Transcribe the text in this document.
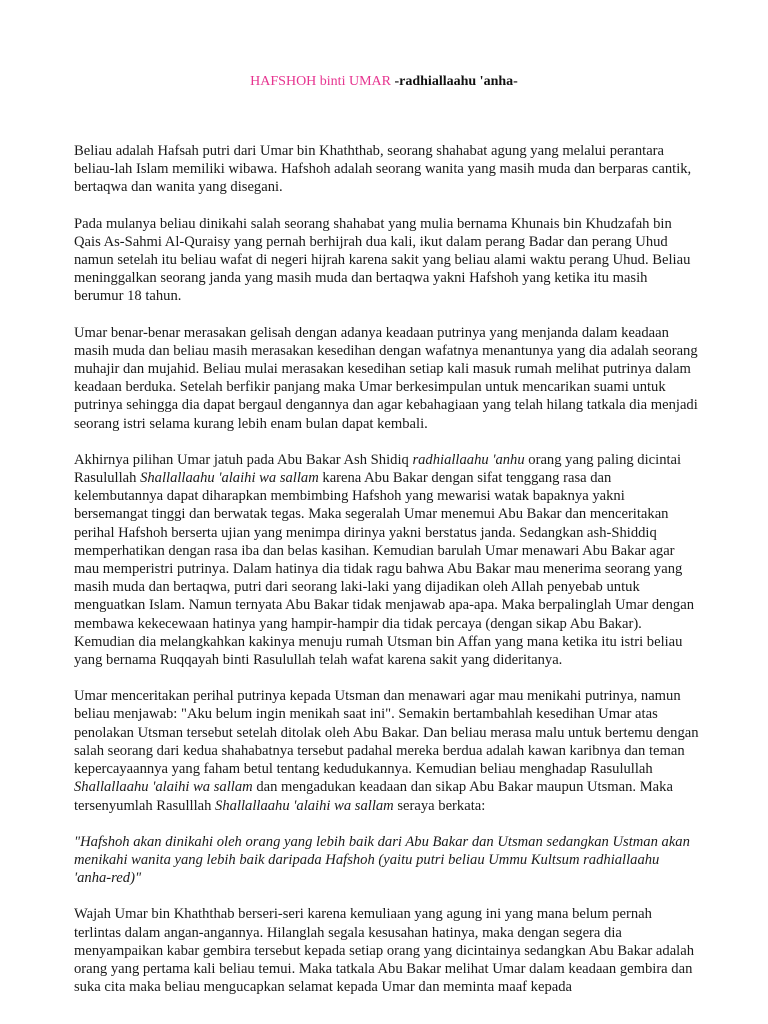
HAFSHOH binti UMAR -radhiallaahu 'anha-

Beliau adalah Hafsah putri dari Umar bin Khaththab, seorang shahabat agung yang melalui perantara beliau-lah Islam memiliki wibawa. Hafshoh adalah seorang wanita yang masih muda dan berparas cantik, bertaqwa dan wanita yang disegani.

Pada mulanya beliau dinikahi salah seorang shahabat yang mulia bernama Khunais bin Khudzafah bin Qais As-Sahmi Al-Quraisy yang pernah berhijrah dua kali, ikut dalam perang Badar dan perang Uhud namun setelah itu beliau wafat di negeri hijrah karena sakit yang beliau alami waktu perang Uhud. Beliau meninggalkan seorang janda yang masih muda dan bertaqwa yakni Hafshoh yang ketika itu masih berumur 18 tahun.

Umar benar-benar merasakan gelisah dengan adanya keadaan putrinya yang menjanda dalam keadaan masih muda dan beliau masih merasakan kesedihan dengan wafatnya menantunya yang dia adalah seorang muhajir dan mujahid. Beliau mulai merasakan kesedihan setiap kali masuk rumah melihat putrinya dalam keadaan berduka. Setelah berfikir panjang maka Umar berkesimpulan untuk mencarikan suami untuk putrinya sehingga dia dapat bergaul dengannya dan agar kebahagiaan yang telah hilang tatkala dia menjadi seorang istri selama kurang lebih enam bulan dapat kembali.

Akhirnya pilihan Umar jatuh pada Abu Bakar Ash Shidiq radhiallaahu 'anhu orang yang paling dicintai Rasulullah Shallallaahu 'alaihi wa sallam karena Abu Bakar dengan sifat tenggang rasa dan kelembutannya dapat diharapkan membimbing Hafshoh yang mewarisi watak bapaknya yakni bersemangat tinggi dan berwatak tegas. Maka segeralah Umar menemui Abu Bakar dan menceritakan perihal Hafshoh berserta ujian yang menimpa dirinya yakni berstatus janda. Sedangkan ash-Shiddiq memperhatikan dengan rasa iba dan belas kasihan. Kemudian barulah Umar menawari Abu Bakar agar mau memperistri putrinya. Dalam hatinya dia tidak ragu bahwa Abu Bakar mau menerima seorang yang masih muda dan bertaqwa, putri dari seorang laki-laki yang dijadikan oleh Allah penyebab untuk menguatkan Islam. Namun ternyata Abu Bakar tidak menjawab apa-apa. Maka berpalinglah Umar dengan membawa kekecewaan hatinya yang hampir-hampir dia tidak percaya (dengan sikap Abu Bakar). Kemudian dia melangkahkan kakinya menuju rumah Utsman bin Affan yang mana ketika itu istri beliau yang bernama Ruqqayah binti Rasulullah telah wafat karena sakit yang dideritanya.

Umar menceritakan perihal putrinya kepada Utsman dan menawari agar mau menikahi putrinya, namun beliau menjawab: "Aku belum ingin menikah saat ini". Semakin bertambahlah kesedihan Umar atas penolakan Utsman tersebut setelah ditolak oleh Abu Bakar. Dan beliau merasa malu untuk bertemu dengan salah seorang dari kedua shahabatnya tersebut padahal mereka berdua adalah kawan karibnya dan teman kepercayaannya yang faham betul tentang kedudukannya. Kemudian beliau menghadap Rasulullah Shallallaahu 'alaihi wa sallam dan mengadukan keadaan dan sikap Abu Bakar maupun Utsman. Maka tersenyumlah Rasulllah Shallallaahu 'alaihi wa sallam seraya berkata:

"Hafshoh akan dinikahi oleh orang yang lebih baik dari Abu Bakar dan Utsman sedangkan Ustman akan menikahi wanita yang lebih baik daripada Hafshoh (yaitu putri beliau Ummu Kultsum radhiallaahu 'anha-red)"

Wajah Umar bin Khaththab berseri-seri karena kemuliaan yang agung ini yang mana belum pernah terlintas dalam angan-angannya. Hilanglah segala kesusahan hatinya, maka dengan segera dia menyampaikan kabar gembira tersebut kepada setiap orang yang dicintainya sedangkan Abu Bakar adalah orang yang pertama kali beliau temui. Maka tatkala Abu Bakar melihat Umar dalam keadaan gembira dan suka cita maka beliau mengucapkan selamat kepada Umar dan meminta maaf kepada
